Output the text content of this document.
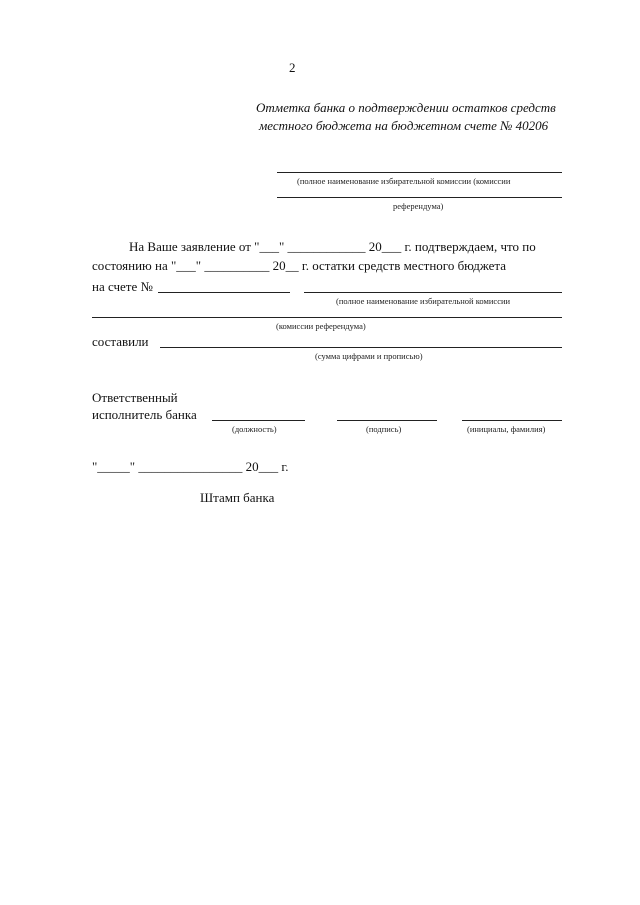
2
Отметка банка о подтверждении остатков средств
местного бюджета на бюджетном счете № 40206
(полное наименование избирательной комиссии (комиссии
референдума)
На Ваше заявление от "___" ____________ 20___ г. подтверждаем, что по
состоянию на "___" __________ 20__ г. остатки средств местного бюджета
на счете №
(полное наименование избирательной комиссии
(комиссии референдума)
составили
(сумма цифрами и прописью)
Ответственный
исполнитель банка
(должность)	(подпись)	(инициалы, фамилия)
"_____" ________________ 20___ г.
Штамп банка
